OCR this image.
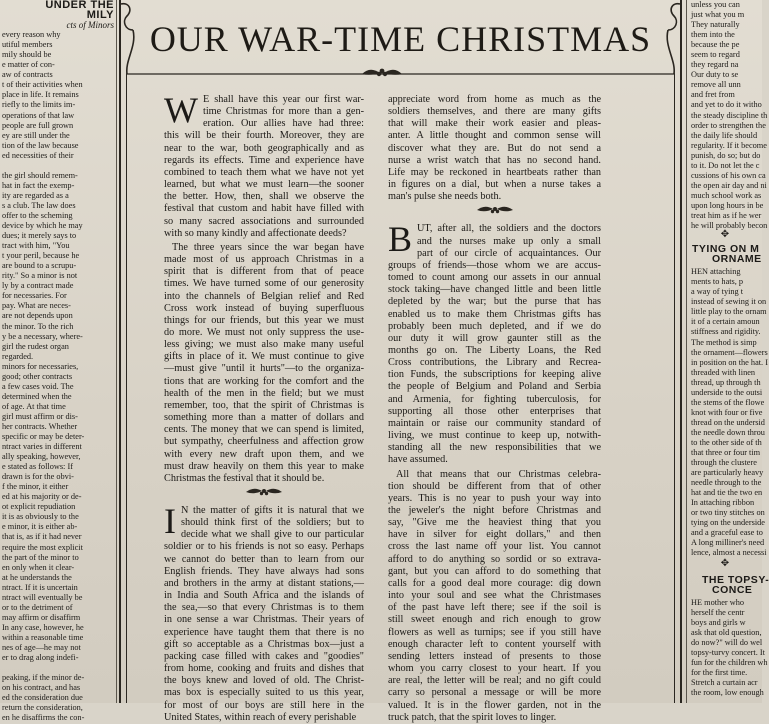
UNDER THE
MILY
cts of Minors
every reason why
utiful members
mily should be
e matter of con-
aw of contracts
t of their activities when
place in life. It remains
riefly to the limits im-
operations of that law
people are full grown
ey are still under the
tion of the law because
ed necessities of their

the girl should remem-
hat in fact the exemp-
ity are regarded as a
s a club. The law does
offer to the scheming
device by which he may
dues; it merely says to
tract with him, "You
t your peril, because he
are bound to a scrupu-
rity." So a minor is not
ly by a contract made
for necessaries. For
pay. What are neces-
are not depends upon
the minor. To the rich
y be a necessary, where-
girl the rudest organ
regarded.
minors for necessaries,
good; other contracts
a few cases void. The
determined when the
of age. At that time
girl must affirm or dis-
her contracts. Whether
specific or may be deter-
ntract varies in different
ally speaking, however,
e stated as follows: If
drawn is for the obvi-
f the minor, it either
ed at his majority or de-
ot explicit repudiation
it is as obviously to the
e minor, it is either ab-
that is, as if it had never
require the most explicit
the part of the minor to
en only when it clear-
at he understands the
ntract. If it is uncertain
ntract will eventually be
or to the detriment of
may affirm or disaffirm
In any case, however, he
within a reasonable time
nes of age—he may not
er to drag along indefi-

peaking, if the minor de-
on his contract, and has
ed the consideration due
return the consideration,
en he disaffirms the con-
unless you can
just what you m
They naturally
them into the
because the pe
seem to regard
they regard na
Our duty to se
remove all unn
and fret from
and yet to do it witho
the steady discipline th
order to strengthen the
the daily life should
regularity. If it become
punish, do so; but do
to it. Do not let the c
cussions of his own ca
the open air day and ni
much school work as
upon long hours in be
treat him as if he wer
he will probably becon
✥
TYING ON M
ORNAME
HEN attaching
ments to hats, p
a way of tying t
instead of sewing it on
little play to the ornam
it of a certain amoun
stiffness and rigidity.
The method is simp
the ornament—flowers
in position on the hat. I
threaded with linen
thread, up through th
underside to the outsi
the stems of the flowe
knot with four or five
thread on the undersid
the needle down throu
to the other side of th
that three or four tim
through the clustere
are particularly heavy
needle through to the
hat and tie the two en
In attaching ribbon
or two tiny stitches on
tying on the underside
and a graceful ease to
A long milliner's need
lence, almost a necessi
✥
THE TOPSY-
CONCE
HE mother who
herself the centr
boys and girls w
ask that old question,
do now?" will do wel
topsy-turvy concert. It
fun for the children wh
for the first time.
Stretch a curtain acr
the room, low enough
OUR WAR-TIME CHRISTMAS
W E shall have this year our first war-
time Christmas for more than a gen-
eration. Our allies have had three:
this will be their fourth. Moreover, they are
near to the war, both geographically and as
regards its effects. Time and experience have
combined to teach them what we have not yet
learned, but what we must learn—the sooner
the better. How, then, shall we observe the
festival that custom and habit have filled with
so many sacred associations and surrounded
with so many kindly and affectionate deeds?
The three years since the war began have
made most of us approach Christmas in a
spirit that is different from that of peace
times. We have turned some of our generosity
into the channels of Belgian relief and Red
Cross work instead of buying superfluous
things for our friends, but this year we must
do more. We must not only suppress the use-
less giving; we must also make many useful
gifts in place of it. We must continue to give
—must give "until it hurts"—to the organiza-
tions that are working for the comfort and the
health of the men in the field; but we must
remember, too, that the spirit of Christmas is
something more than a matter of dollars and
cents. The money that we can spend is limited,
but sympathy, cheerfulness and affection grow
with every new draft upon them, and we
must draw heavily on them this year to make
Christmas the festival that it should be.
I N the matter of gifts it is natural that we
should think first of the soldiers; but to
decide what we shall give to our particular
soldier or to his friends is not so easy. Perhaps
we cannot do better than to learn from our
English friends. They have always had sons
and brothers in the army at distant stations,—
in India and South Africa and the islands of
the sea,—so that every Christmas is to them
in one sense a war Christmas. Their years of
experience have taught them that there is no
gift so acceptable as a Christmas box—just a
packing case filled with cakes and "goodies"
from home, cooking and fruits and dishes that
the boys knew and loved of old. The Christ-
mas box is especially suited to us this year,
for most of our boys are still here in the
United States, within reach of every perishable
appreciate word from home as much as the
soldiers themselves, and there are many gifts
that will make their work easier and pleas-
anter. A little thought and common sense will
discover what they are. But do not send a
nurse a wrist watch that has no second hand.
Life may be reckoned in heartbeats rather than
in figures on a dial, but when a nurse takes a
man's pulse she needs both.
B UT, after all, the soldiers and the doctors
and the nurses make up only a small
part of our circle of acquaintances. Our
groups of friends—those whom we are accus-
tomed to count among our assets in our annual
stock taking—have changed little and been little
depleted by the war; but the purse that has
enabled us to make them Christmas gifts has
probably been much depleted, and if we do
our duty it will grow gaunter still as the
months go on. The Liberty Loans, the Red
Cross contributions, the Library and Recrea-
tion Funds, the subscriptions for keeping alive
the people of Belgium and Poland and Serbia
and Armenia, for fighting tuberculosis, for
supporting all those other enterprises that
maintain or raise our community standard of
living, we must continue to keep up, notwith-
standing all the new responsibilities that we
have assumed.
All that means that our Christmas celebra-
tion should be different from that of other
years. This is no year to push your way into
the jeweler's the night before Christmas and
say, "Give me the heaviest thing that you
have in silver for eight dollars," and then
cross the last name off your list. You cannot
afford to do anything so sordid or so extrava-
gant, but you can afford to do something that
calls for a good deal more courage: dig down
into your soul and see what the Christmases
of the past have left there; see if the soil is
still sweet enough and rich enough to grow
flowers as well as turnips; see if you still have
enough character left to content yourself with
sending letters instead of presents to those
whom you carry closest to your heart. If you
are real, the letter will be real; and no gift could
carry so personal a message or will be more
valued. It is in the flower garden, not in the
truck patch, that the spirit loves to linger.
